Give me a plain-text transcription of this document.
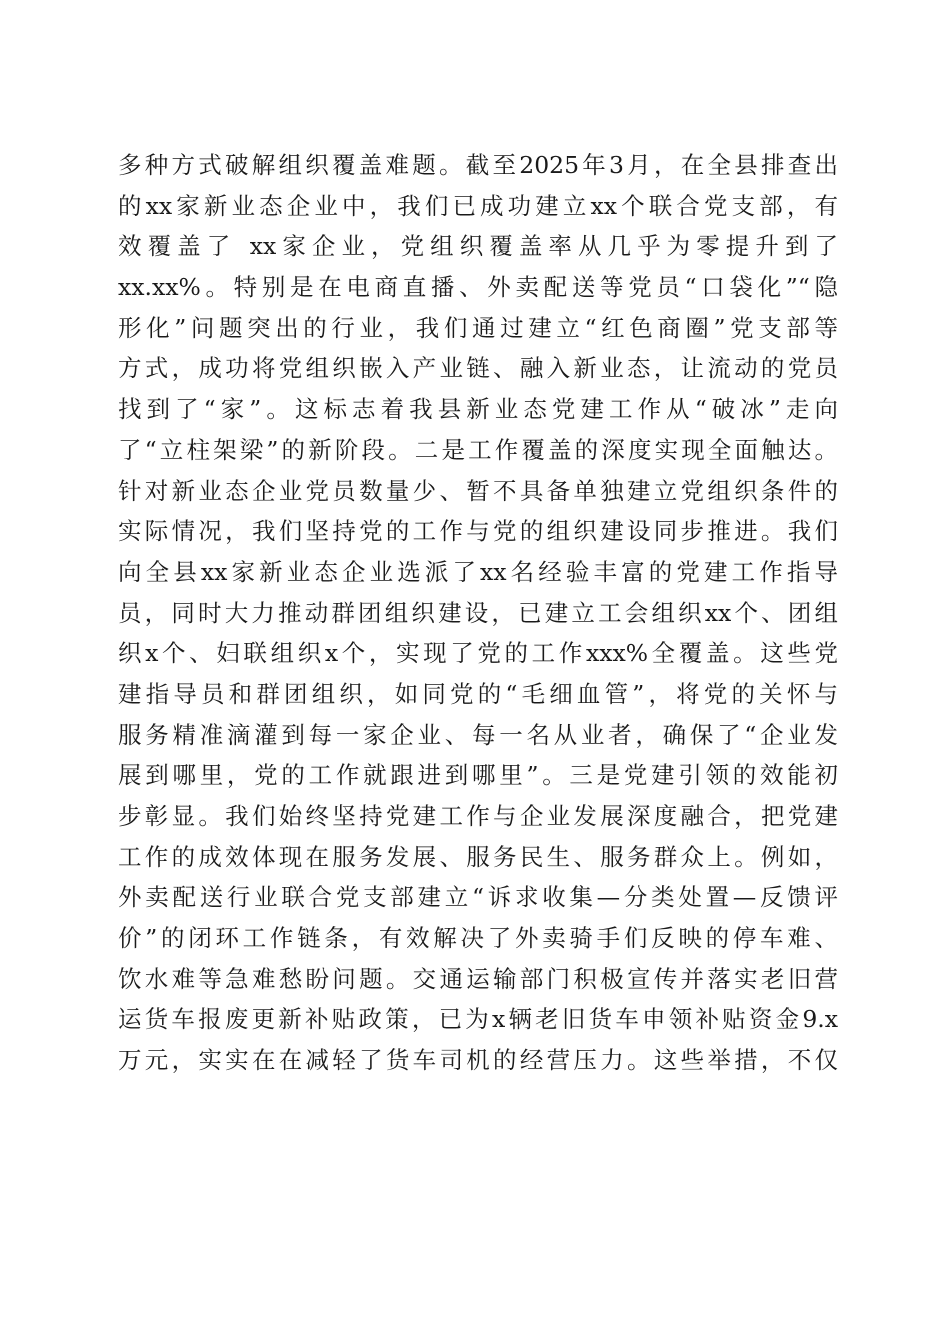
多种方式破解组织覆盖难题。截至2025年3月，在全县排查出
的xx家新业态企业中，我们已成功建立xx个联合党支部，有
效覆盖了 xx家企业，党组织覆盖率从几乎为零提升到了
xx.xx%。特别是在电商直播、外卖配送等党员“口袋化”“隐
形化”问题突出的行业，我们通过建立“红色商圈”党支部等
方式，成功将党组织嵌入产业链、融入新业态，让流动的党员
找到了“家”。这标志着我县新业态党建工作从“破冰”走向
了“立柱架梁”的新阶段。二是工作覆盖的深度实现全面触达。
针对新业态企业党员数量少、暂不具备单独建立党组织条件的
实际情况，我们坚持党的工作与党的组织建设同步推进。我们
向全县xx家新业态企业选派了xx名经验丰富的党建工作指导
员，同时大力推动群团组织建设，已建立工会组织xx个、团组
织x个、妇联组织x个，实现了党的工作xxx%全覆盖。这些党
建指导员和群团组织，如同党的“毛细血管”，将党的关怀与
服务精准滴灌到每一家企业、每一名从业者，确保了“企业发
展到哪里，党的工作就跟进到哪里”。三是党建引领的效能初
步彰显。我们始终坚持党建工作与企业发展深度融合，把党建
工作的成效体现在服务发展、服务民生、服务群众上。例如，
外卖配送行业联合党支部建立“诉求收集—分类处置—反馈评
价”的闭环工作链条，有效解决了外卖骑手们反映的停车难、
饮水难等急难愁盼问题。交通运输部门积极宣传并落实老旧营
运货车报废更新补贴政策，已为x辆老旧货车申领补贴资金9.x
万元，实实在在减轻了货车司机的经营压力。这些举措，不仅
